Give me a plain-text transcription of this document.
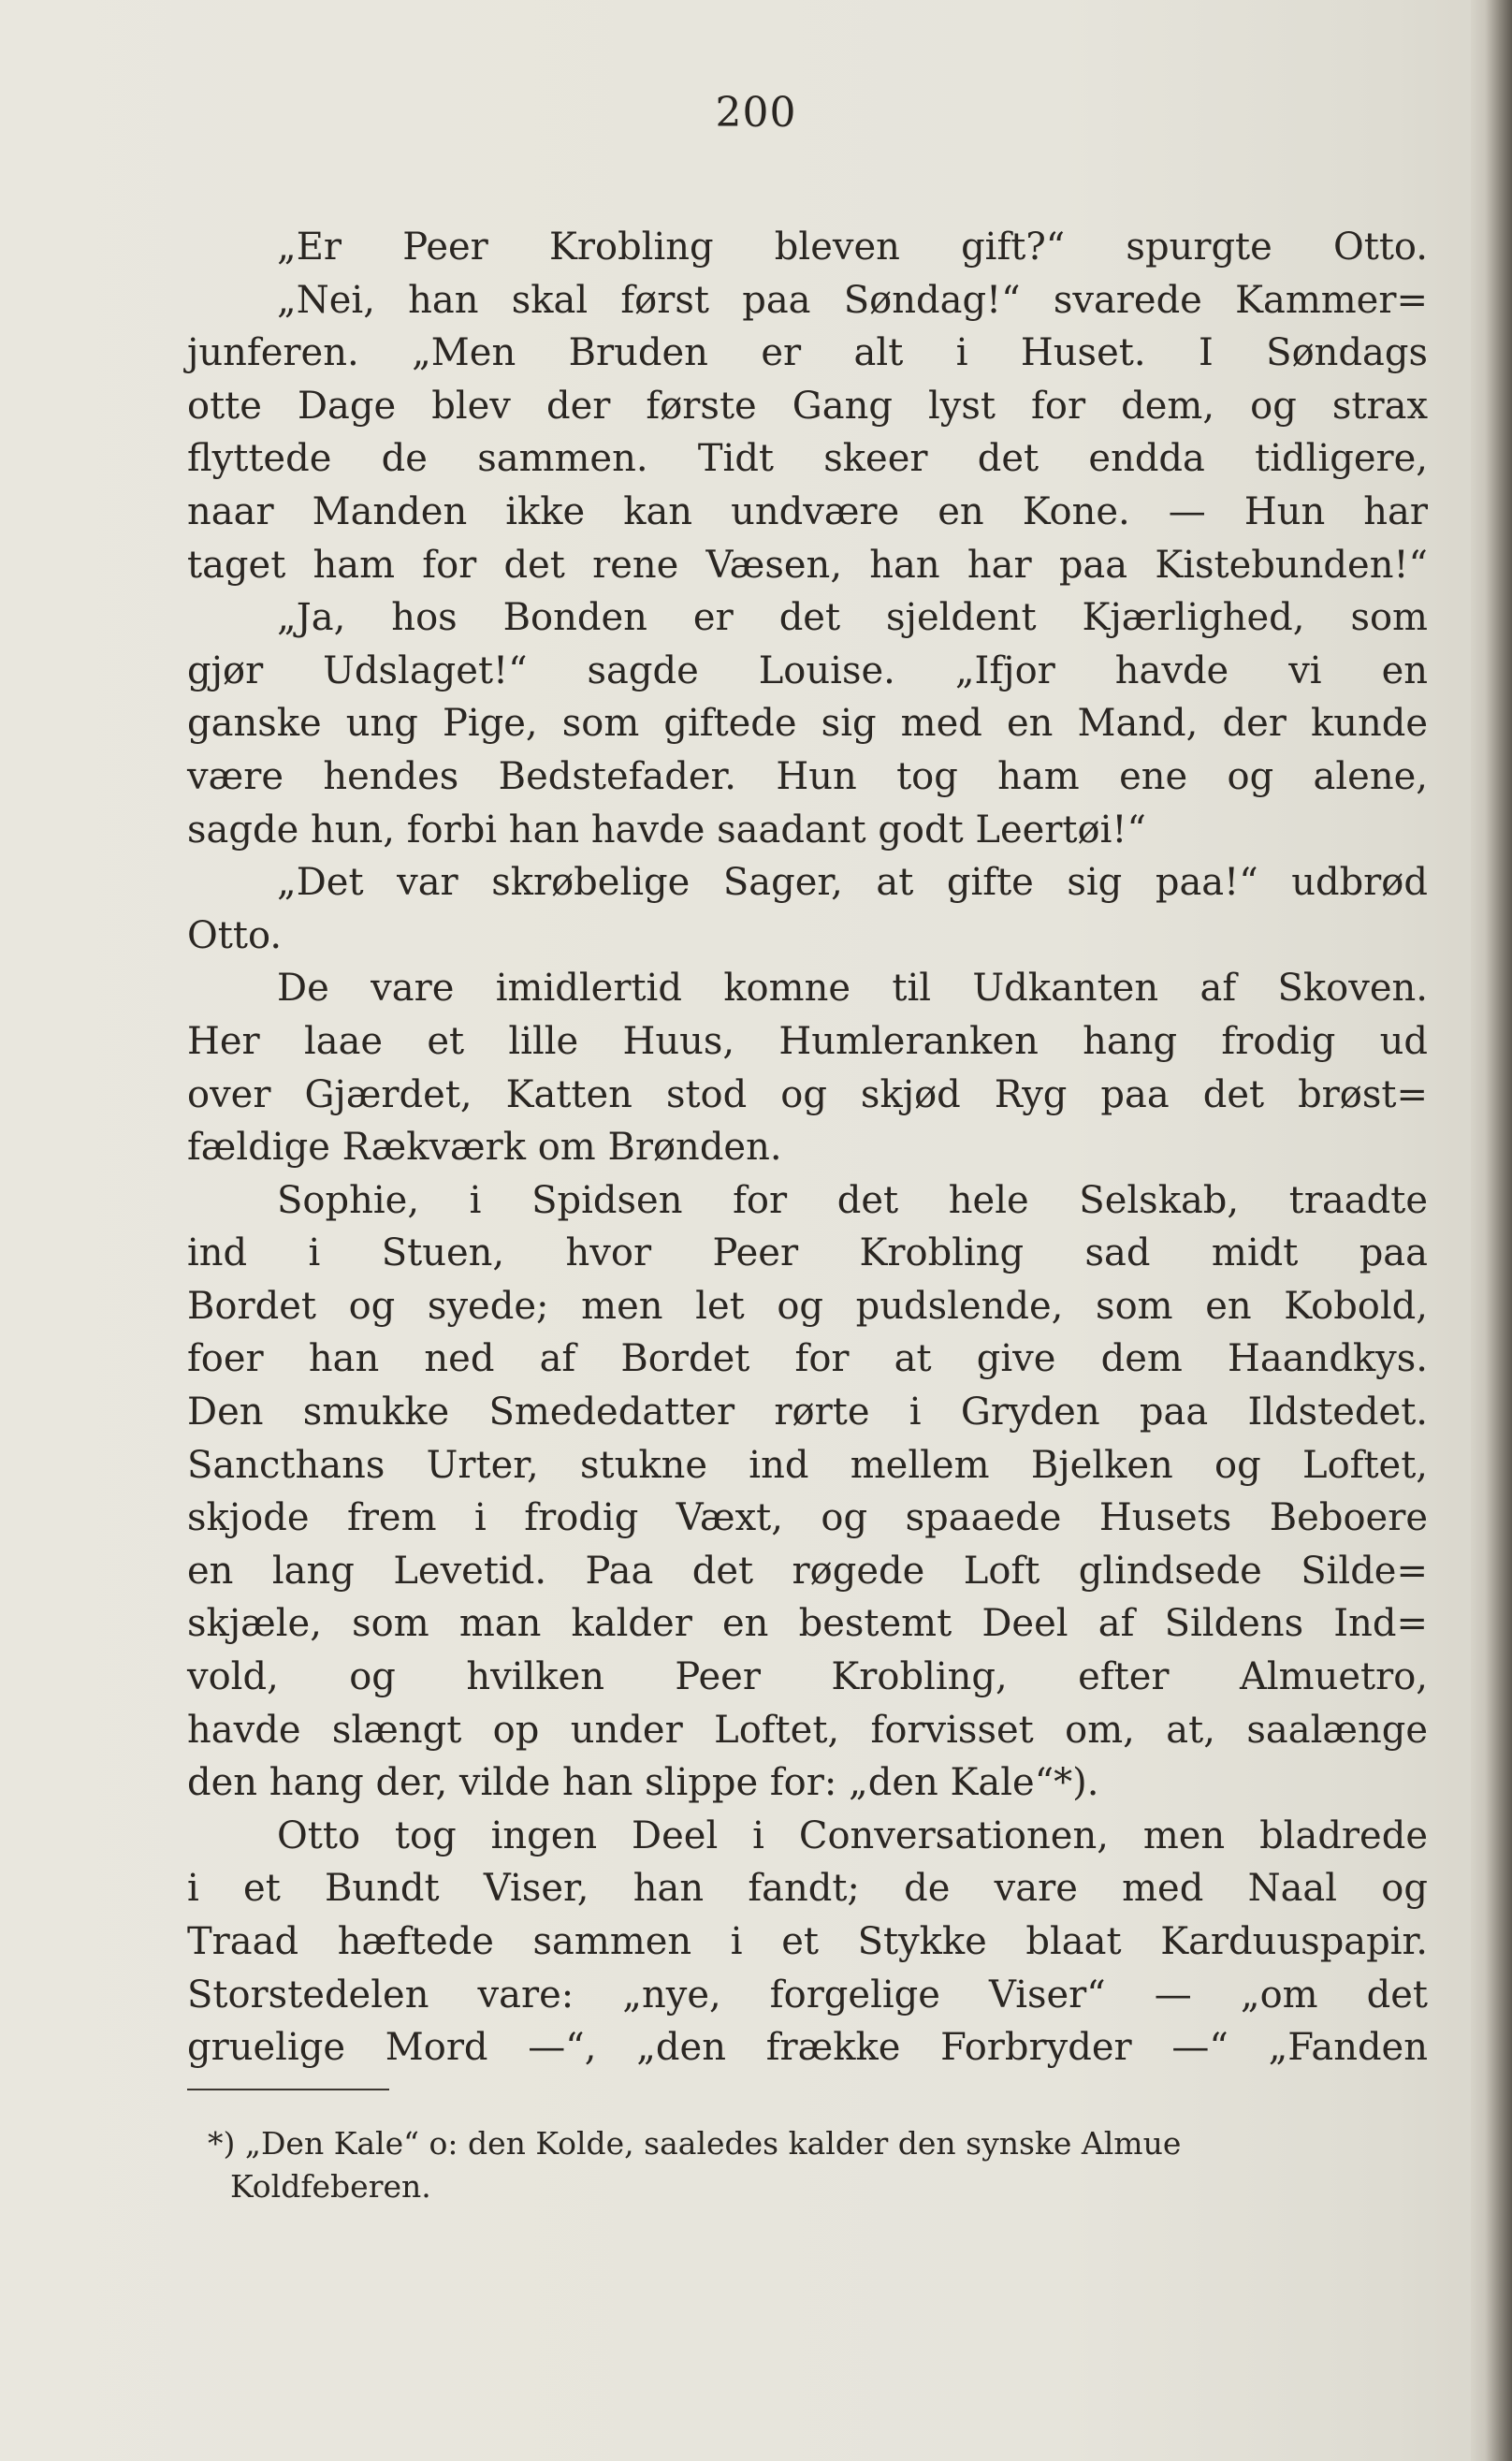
200
„Er Peer Krobling bleven gift?“ spurgte Otto.
„Nei, han skal først paa Søndag!“ svarede Kammer=
junferen. „Men Bruden er alt i Huset. I Søndags
otte Dage blev der første Gang lyst for dem, og strax
flyttede de sammen. Tidt skeer det endda tidligere,
naar Manden ikke kan undvære en Kone. — Hun har
taget ham for det rene Væsen, han har paa Kistebunden!“
„Ja, hos Bonden er det sjeldent Kjærlighed, som
gjør Udslaget!“ sagde Louise. „Ifjor havde vi en
ganske ung Pige, som giftede sig med en Mand, der kunde
være hendes Bedstefader. Hun tog ham ene og alene,
sagde hun, forbi han havde saadant godt Leertøi!“
„Det var skrøbelige Sager, at gifte sig paa!“ udbrød
Otto.
De vare imidlertid komne til Udkanten af Skoven.
Her laae et lille Huus, Humleranken hang frodig ud
over Gjærdet, Katten stod og skjød Ryg paa det brøst=
fældige Rækværk om Brønden.
Sophie, i Spidsen for det hele Selskab, traadte
ind i Stuen, hvor Peer Krobling sad midt paa
Bordet og syede; men let og pudslende, som en Kobold,
foer han ned af Bordet for at give dem Haandkys.
Den smukke Smededatter rørte i Gryden paa Ildstedet.
Sancthans Urter, stukne ind mellem Bjelken og Loftet,
skjode frem i frodig Væxt, og spaaede Husets Beboere
en lang Levetid. Paa det røgede Loft glindsede Silde=
skjæle, som man kalder en bestemt Deel af Sildens Ind=
vold, og hvilken Peer Krobling, efter Almuetro,
havde slængt op under Loftet, forvisset om, at, saalænge
den hang der, vilde han slippe for: „den Kale“*).
Otto tog ingen Deel i Conversationen, men bladrede
i et Bundt Viser, han fandt; de vare med Naal og
Traad hæftede sammen i et Stykke blaat Karduuspapir.
Storstedelen vare: „nye, forgelige Viser“ — „om det
gruelige Mord —“, „den frække Forbryder —“ „Fanden
*) „Den Kale“ o: den Kolde, saaledes kalder den synske Almue
Koldfeberen.
